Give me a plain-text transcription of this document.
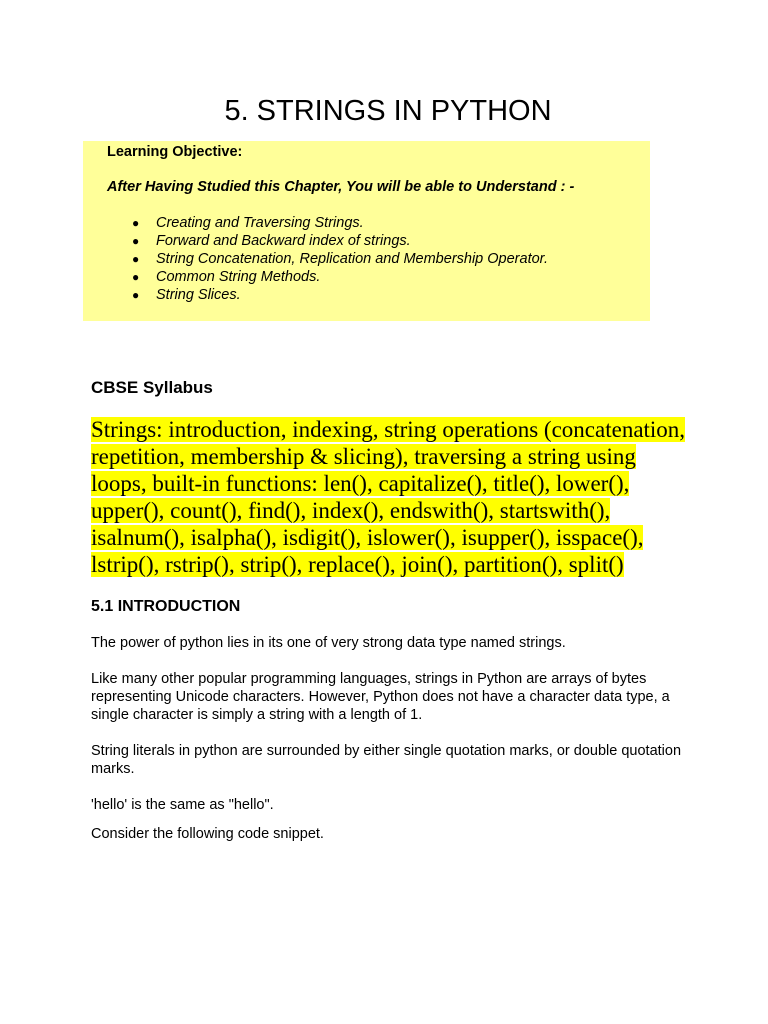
5. STRINGS IN PYTHON

Learning Objective:

After Having Studied this Chapter, You will be able to Understand : -

● Creating and Traversing Strings.
● Forward and Backward index of strings.
● String Concatenation, Replication and Membership Operator.
● Common String Methods.
● String Slices.
CBSE Syllabus

Strings: introduction, indexing, string operations (concatenation, repetition, membership & slicing), traversing a string using loops, built-in functions: len(), capitalize(), title(), lower(), upper(), count(), find(), index(), endswith(), startswith(), isalnum(), isalpha(), isdigit(), islower(), isupper(), isspace(), lstrip(), rstrip(), strip(), replace(), join(), partition(), split()

5.1 INTRODUCTION

The power of python lies in its one of very strong data type named strings.

Like many other popular programming languages, strings in Python are arrays of bytes representing Unicode characters. However, Python does not have a character data type, a single character is simply a string with a length of 1.

String literals in python are surrounded by either single quotation marks, or double quotation marks.

'hello' is the same as "hello".

Consider the following code snippet.
